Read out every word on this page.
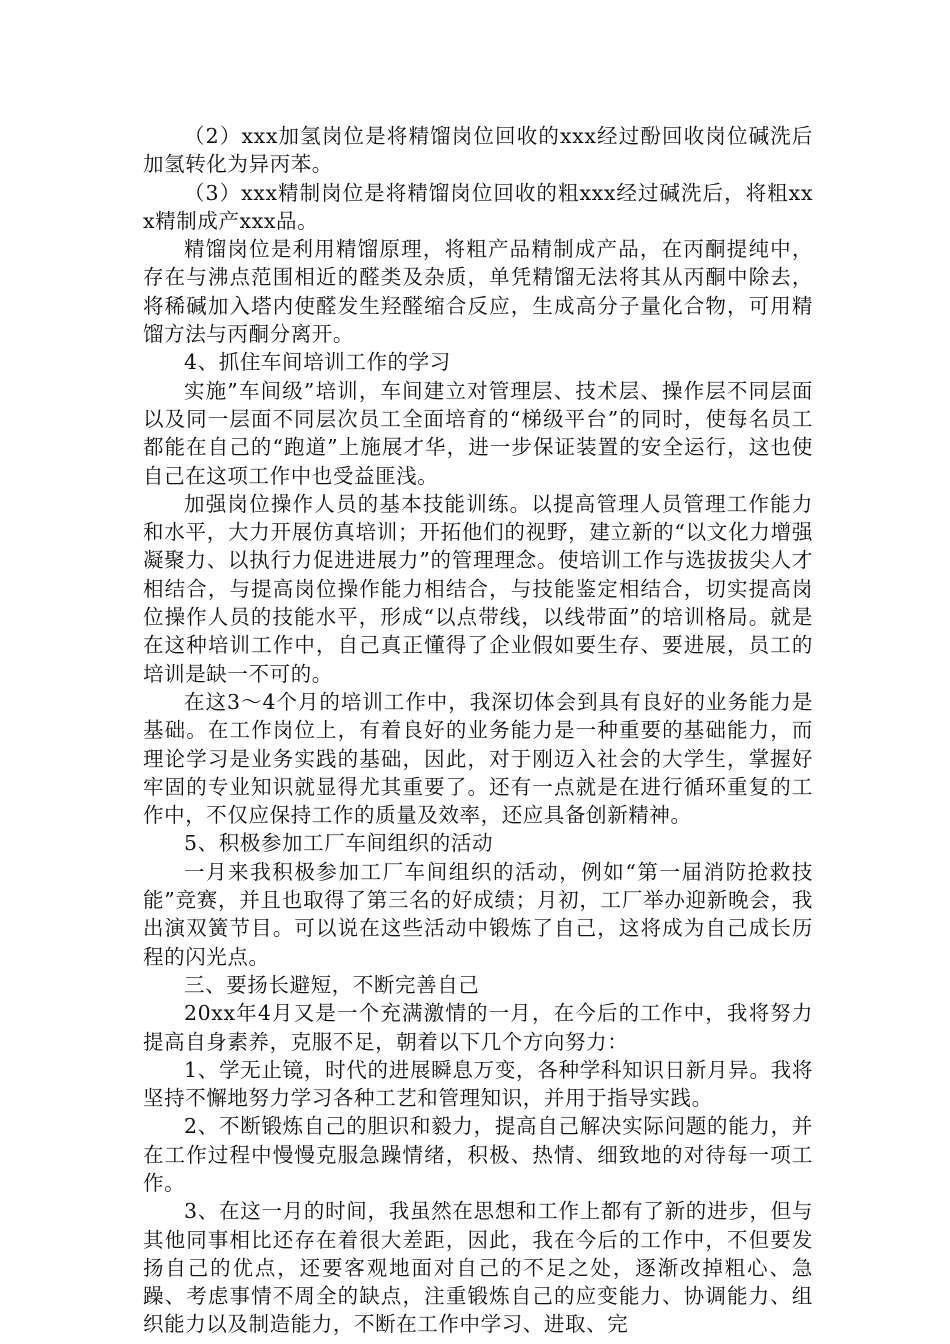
（2）xxx加氢岗位是将精馏岗位回收的xxx经过酚回收岗位碱洗后加氢转化为异丙苯。

（3）xxx精制岗位是将精馏岗位回收的粗xxx经过碱洗后，将粗xxx精制成产xxx品。

精馏岗位是利用精馏原理，将粗产品精制成产品，在丙酮提纯中，存在与沸点范围相近的醛类及杂质，单凭精馏无法将其从丙酮中除去，将稀碱加入塔内使醛发生羟醛缩合反应，生成高分子量化合物，可用精馏方法与丙酮分离开。

4、抓住车间培训工作的学习

实施”车间级”培训，车间建立对管理层、技术层、操作层不同层面以及同一层面不同层次员工全面培育的“梯级平台”的同时，使每名员工都能在自己的“跑道”上施展才华，进一步保证装置的安全运行，这也使自己在这项工作中也受益匪浅。

加强岗位操作人员的基本技能训练。以提高管理人员管理工作能力和水平，大力开展仿真培训；开拓他们的视野，建立新的“以文化力增强凝聚力、以执行力促进进展力”的管理理念。使培训工作与选拔拔尖人才相结合，与提高岗位操作能力相结合，与技能鉴定相结合，切实提高岗位操作人员的技能水平，形成“以点带线，以线带面”的培训格局。就是在这种培训工作中，自己真正懂得了企业假如要生存、要进展，员工的培训是缺一不可的。

在这3～4个月的培训工作中，我深切体会到具有良好的业务能力是基础。在工作岗位上，有着良好的业务能力是一种重要的基础能力，而理论学习是业务实践的基础，因此，对于刚迈入社会的大学生，掌握好牢固的专业知识就显得尤其重要了。还有一点就是在进行循环重复的工作中，不仅应保持工作的质量及效率，还应具备创新精神。

5、积极参加工厂车间组织的活动

一月来我积极参加工厂车间组织的活动，例如“第一届消防抢救技能”竞赛，并且也取得了第三名的好成绩；月初，工厂举办迎新晚会，我出演双簧节目。可以说在这些活动中锻炼了自己，这将成为自己成长历程的闪光点。

三、要扬长避短，不断完善自己

20xx年4月又是一个充满激情的一月，在今后的工作中，我将努力提高自身素养，克服不足，朝着以下几个方向努力：

1、学无止镜，时代的进展瞬息万变，各种学科知识日新月异。我将坚持不懈地努力学习各种工艺和管理知识，并用于指导实践。

2、不断锻炼自己的胆识和毅力，提高自己解决实际问题的能力，并在工作过程中慢慢克服急躁情绪，积极、热情、细致地的对待每一项工作。

3、在这一月的时间，我虽然在思想和工作上都有了新的进步，但与其他同事相比还存在着很大差距，因此，我在今后的工作中，不但要发扬自己的优点，还要客观地面对自己的不足之处，逐渐改掉粗心、急躁、考虑事情不周全的缺点，注重锻炼自己的应变能力、协调能力、组织能力以及制造能力，不断在工作中学习、进取、完
